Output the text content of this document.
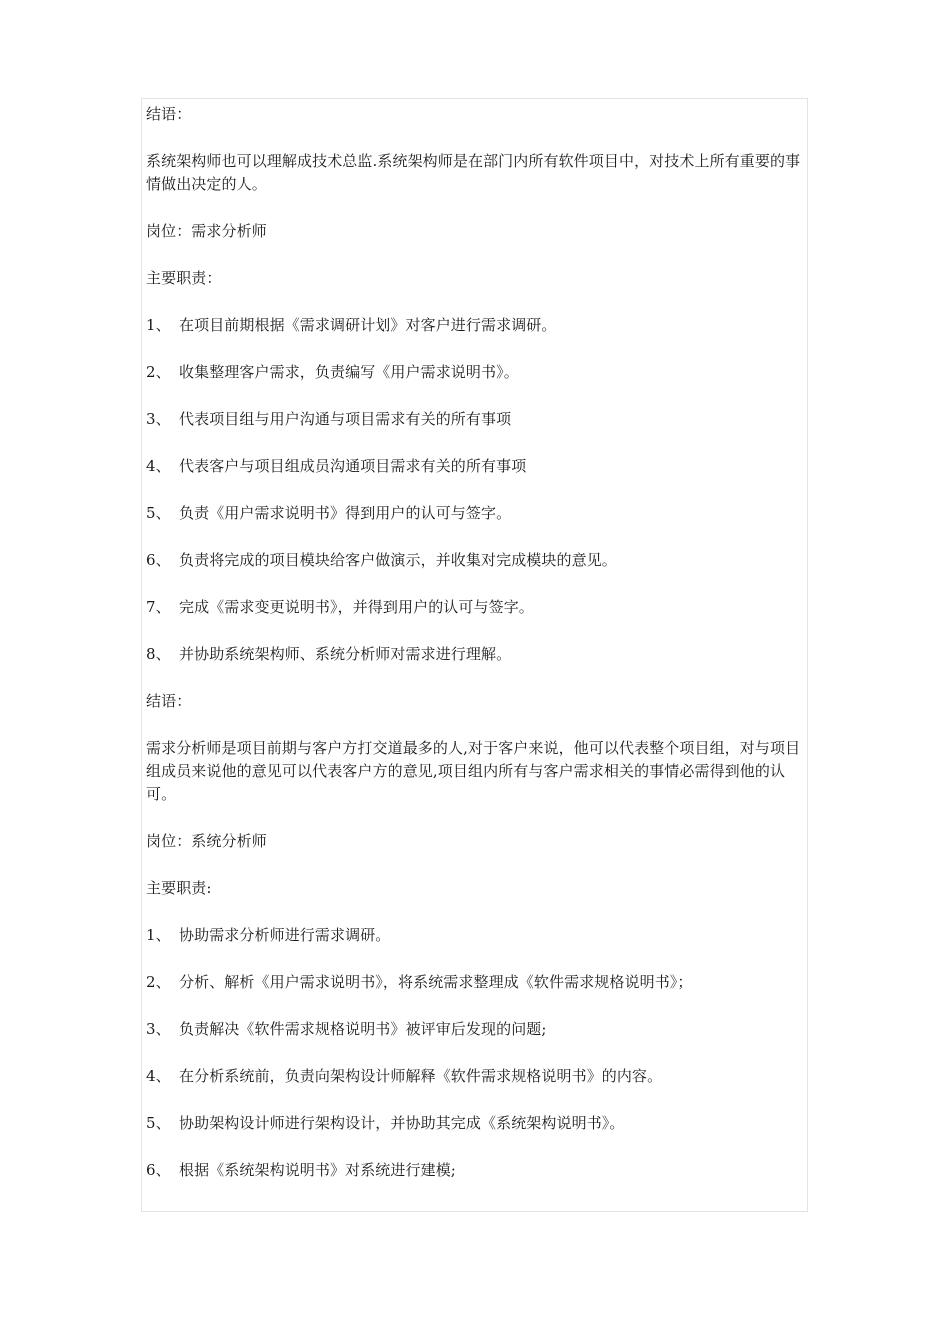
结语：

系统架构师也可以理解成技术总监.系统架构师是在部门内所有软件项目中，对技术上所有重要的事情做出决定的人。

岗位：需求分析师

主要职责：

1、 在项目前期根据《需求调研计划》对客户进行需求调研。

2、 收集整理客户需求，负责编写《用户需求说明书》。

3、 代表项目组与用户沟通与项目需求有关的所有事项

4、 代表客户与项目组成员沟通项目需求有关的所有事项

5、 负责《用户需求说明书》得到用户的认可与签字。

6、 负责将完成的项目模块给客户做演示，并收集对完成模块的意见。

7、 完成《需求变更说明书》，并得到用户的认可与签字。

8、 并协助系统架构师、系统分析师对需求进行理解。

结语：

需求分析师是项目前期与客户方打交道最多的人,对于客户来说，他可以代表整个项目组，对与项目组成员来说他的意见可以代表客户方的意见,项目组内所有与客户需求相关的事情必需得到他的认可。

岗位：系统分析师

主要职责:

1、 协助需求分析师进行需求调研。

2、 分析、解析《用户需求说明书》，将系统需求整理成《软件需求规格说明书》；

3、 负责解决《软件需求规格说明书》被评审后发现的问题;

4、 在分析系统前，负责向架构设计师解释《软件需求规格说明书》的内容。

5、 协助架构设计师进行架构设计，并协助其完成《系统架构说明书》。

6、 根据《系统架构说明书》对系统进行建模;
